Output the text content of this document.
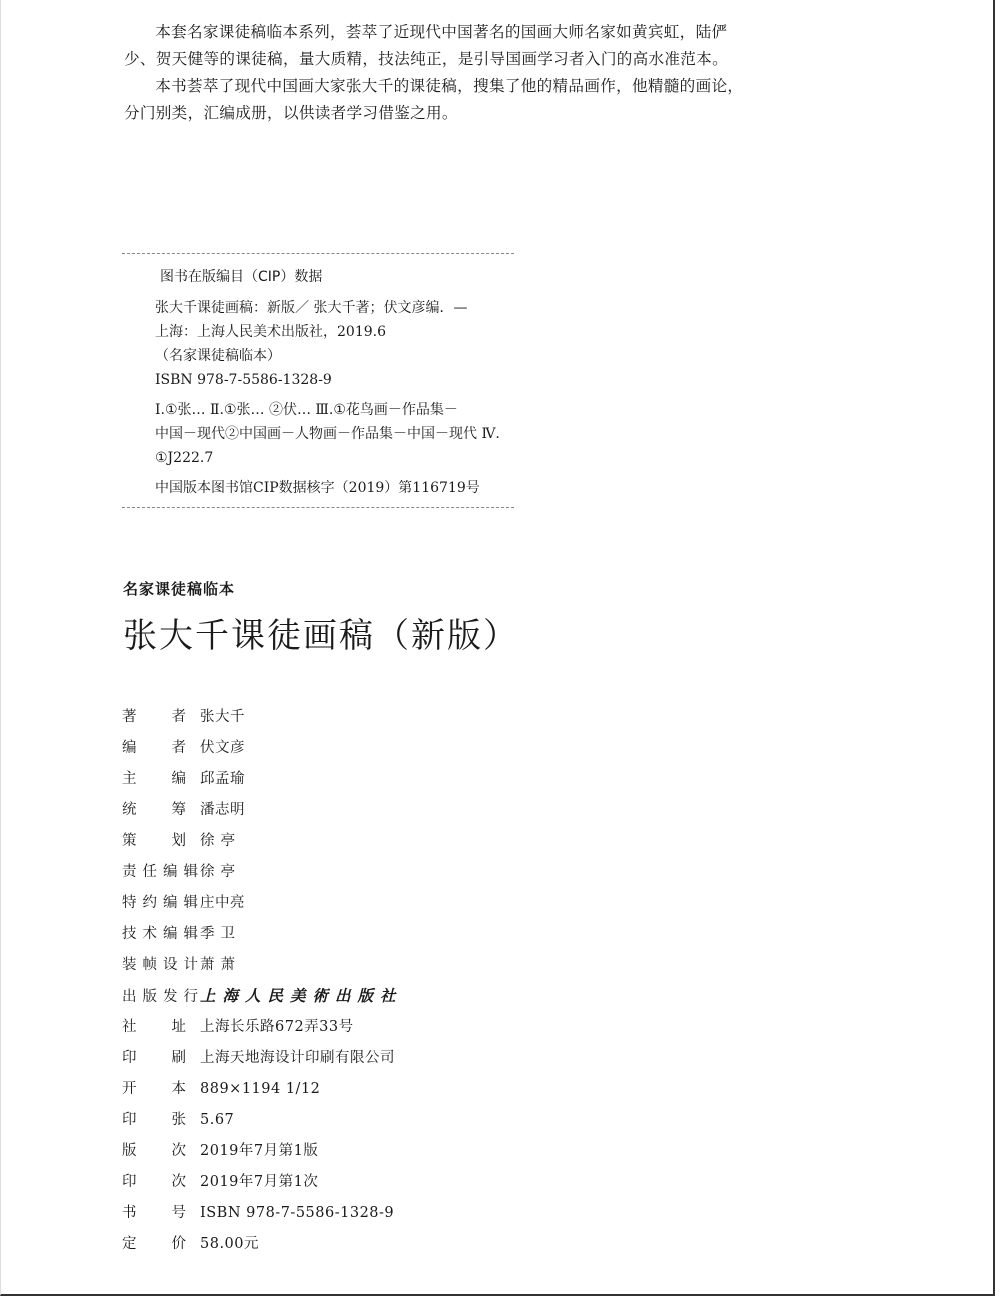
本套名家课徒稿临本系列，荟萃了近现代中国著名的国画大师名家如黄宾虹，陆俨少、贺天健等的课徒稿，量大质精，技法纯正，是引导国画学习者入门的高水准范本。

本书荟萃了现代中国画大家张大千的课徒稿，搜集了他的精品画作，他精髓的画论，分门别类，汇编成册，以供读者学习借鉴之用。

图书在版编目（CIP）数据
张大千课徒画稿：新版／ 张大千著；伏文彦编．—
上海：上海人民美术出版社，2019.6
（名家课徒稿临本）
ISBN 978-7-5586-1328-9
Ⅰ.①张… Ⅱ.①张… ②伏… Ⅲ.①花鸟画－作品集－
中国－现代②中国画－人物画－作品集－中国－现代 Ⅳ.
①J222.7
中国版本图书馆CIP数据核字（2019）第116719号
名家课徒稿临本
张大千课徒画稿（新版）
著　者 张大千
编　者 伏文彦
主　编 邱孟瑜
统　筹 潘志明
策　划 徐亭
责任编辑 徐亭
特约编辑 庄中亮
技术编辑 季卫
装帧设计 萧萧
出版发行 上海人民美術出版社
社　址 上海长乐路672弄33号
印　刷 上海天地海设计印刷有限公司
开　本 889×1194 1/12
印　张 5.67
版　次 2019年7月第1版
印　次 2019年7月第1次
书　号 ISBN 978-7-5586-1328-9
定　价 58.00元
